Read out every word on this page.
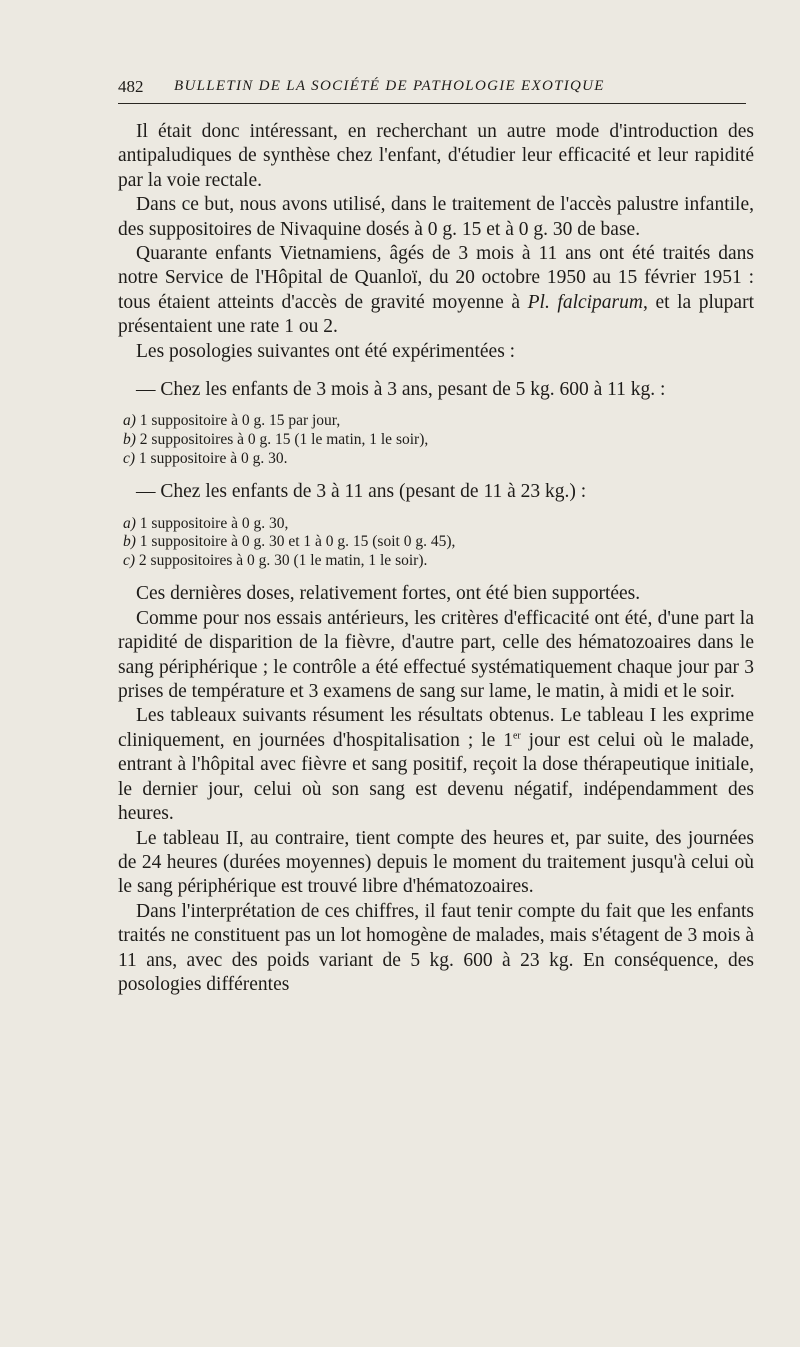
482 BULLETIN DE LA SOCIÉTÉ DE PATHOLOGIE EXOTIQUE

Il était donc intéressant, en recherchant un autre mode d'introduction des antipaludiques de synthèse chez l'enfant, d'étudier leur efficacité et leur rapidité par la voie rectale.

Dans ce but, nous avons utilisé, dans le traitement de l'accès palustre infantile, des suppositoires de Nivaquine dosés à 0 g. 15 et à 0 g. 30 de base.

Quarante enfants Vietnamiens, âgés de 3 mois à 11 ans ont été traités dans notre Service de l'Hôpital de Quanloï, du 20 octobre 1950 au 15 février 1951 : tous étaient atteints d'accès de gravité moyenne à Pl. falciparum, et la plupart présentaient une rate 1 ou 2.

Les posologies suivantes ont été expérimentées :

— Chez les enfants de 3 mois à 3 ans, pesant de 5 kg. 600 à 11 kg. :

a) 1 suppositoire à 0 g. 15 par jour,
b) 2 suppositoires à 0 g. 15 (1 le matin, 1 le soir),
c) 1 suppositoire à 0 g. 30.

— Chez les enfants de 3 à 11 ans (pesant de 11 à 23 kg.) :

a) 1 suppositoire à 0 g. 30,
b) 1 suppositoire à 0 g. 30 et 1 à 0 g. 15 (soit 0 g. 45),
c) 2 suppositoires à 0 g. 30 (1 le matin, 1 le soir).

Ces dernières doses, relativement fortes, ont été bien supportées.

Comme pour nos essais antérieurs, les critères d'efficacité ont été, d'une part la rapidité de disparition de la fièvre, d'autre part, celle des hématozoaires dans le sang périphérique ; le contrôle a été effectué systématiquement chaque jour par 3 prises de température et 3 examens de sang sur lame, le matin, à midi et le soir.

Les tableaux suivants résument les résultats obtenus. Le tableau I les exprime cliniquement, en journées d'hospitalisation ; le 1er jour est celui où le malade, entrant à l'hôpital avec fièvre et sang positif, reçoit la dose thérapeutique initiale, le dernier jour, celui où son sang est devenu négatif, indépendamment des heures.

Le tableau II, au contraire, tient compte des heures et, par suite, des journées de 24 heures (durées moyennes) depuis le moment du traitement jusqu'à celui où le sang périphérique est trouvé libre d'hématozoaires.

Dans l'interprétation de ces chiffres, il faut tenir compte du fait que les enfants traités ne constituent pas un lot homogène de malades, mais s'étagent de 3 mois à 11 ans, avec des poids variant de 5 kg. 600 à 23 kg. En conséquence, des posologies différentes
